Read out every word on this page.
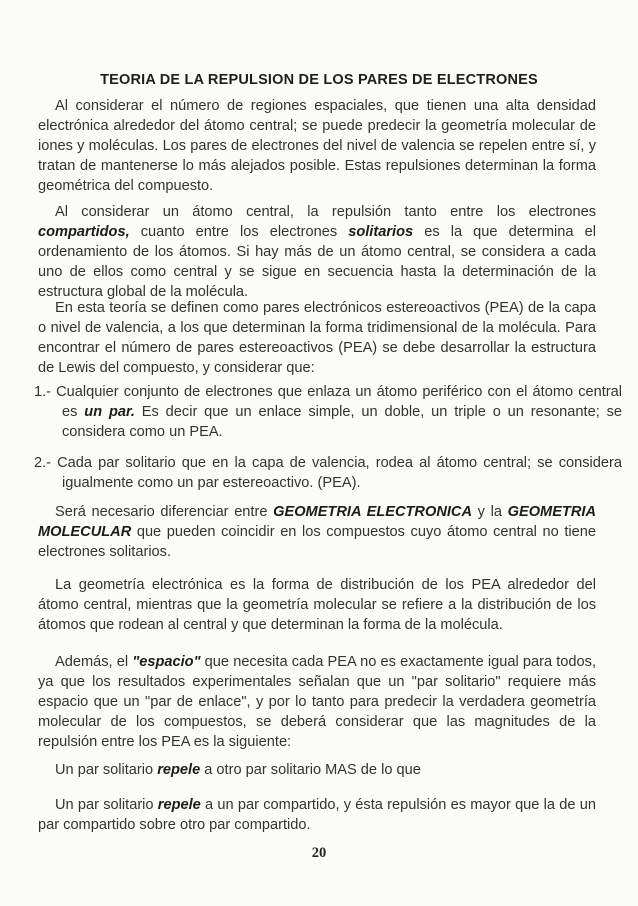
TEORIA DE LA REPULSION DE LOS PARES DE ELECTRONES

Al considerar el número de regiones espaciales, que tienen una alta densidad electrónica alrededor del átomo central; se puede predecir la geometría molecular de iones y moléculas. Los pares de electrones del nivel de valencia se repelen entre sí, y tratan de mantenerse lo más alejados posible. Estas repulsiones determinan la forma geométrica del compuesto.

Al considerar un átomo central, la repulsión tanto entre los electrones compartidos, cuanto entre los electrones solitarios es la que determina el ordenamiento de los átomos. Si hay más de un átomo central, se considera a cada uno de ellos como central y se sigue en secuencia hasta la determinación de la estructura global de la molécula.

En esta teoría se definen como pares electrónicos estereoactivos (PEA) de la capa o nivel de valencia, a los que determinan la forma tridimensional de la molécula. Para encontrar el número de pares estereoactivos (PEA) se debe desarrollar la estructura de Lewis del compuesto, y considerar que:

1.- Cualquier conjunto de electrones que enlaza un átomo periférico con el átomo central es un par. Es decir que un enlace simple, un doble, un triple o un resonante; se considera como un PEA.

2.- Cada par solitario que en la capa de valencia, rodea al átomo central; se considera igualmente como un par estereoactivo. (PEA).

Será necesario diferenciar entre GEOMETRIA ELECTRONICA y la GEOMETRIA MOLECULAR que pueden coincidir en los compuestos cuyo átomo central no tiene electrones solitarios.

La geometría electrónica es la forma de distribución de los PEA alrededor del átomo central, mientras que la geometría molecular se refiere a la distribución de los átomos que rodean al central y que determinan la forma de la molécula.

Además, el "espacio" que necesita cada PEA no es exactamente igual para todos, ya que los resultados experimentales señalan que un "par solitario" requiere más espacio que un "par de enlace", y por lo tanto para predecir la verdadera geometría molecular de los compuestos, se deberá considerar que las magnitudes de la repulsión entre los PEA es la siguiente:

Un par solitario repele a otro par solitario MAS de lo que

Un par solitario repele a un par compartido, y ésta repulsión es mayor que la de un par compartido sobre otro par compartido.

20
